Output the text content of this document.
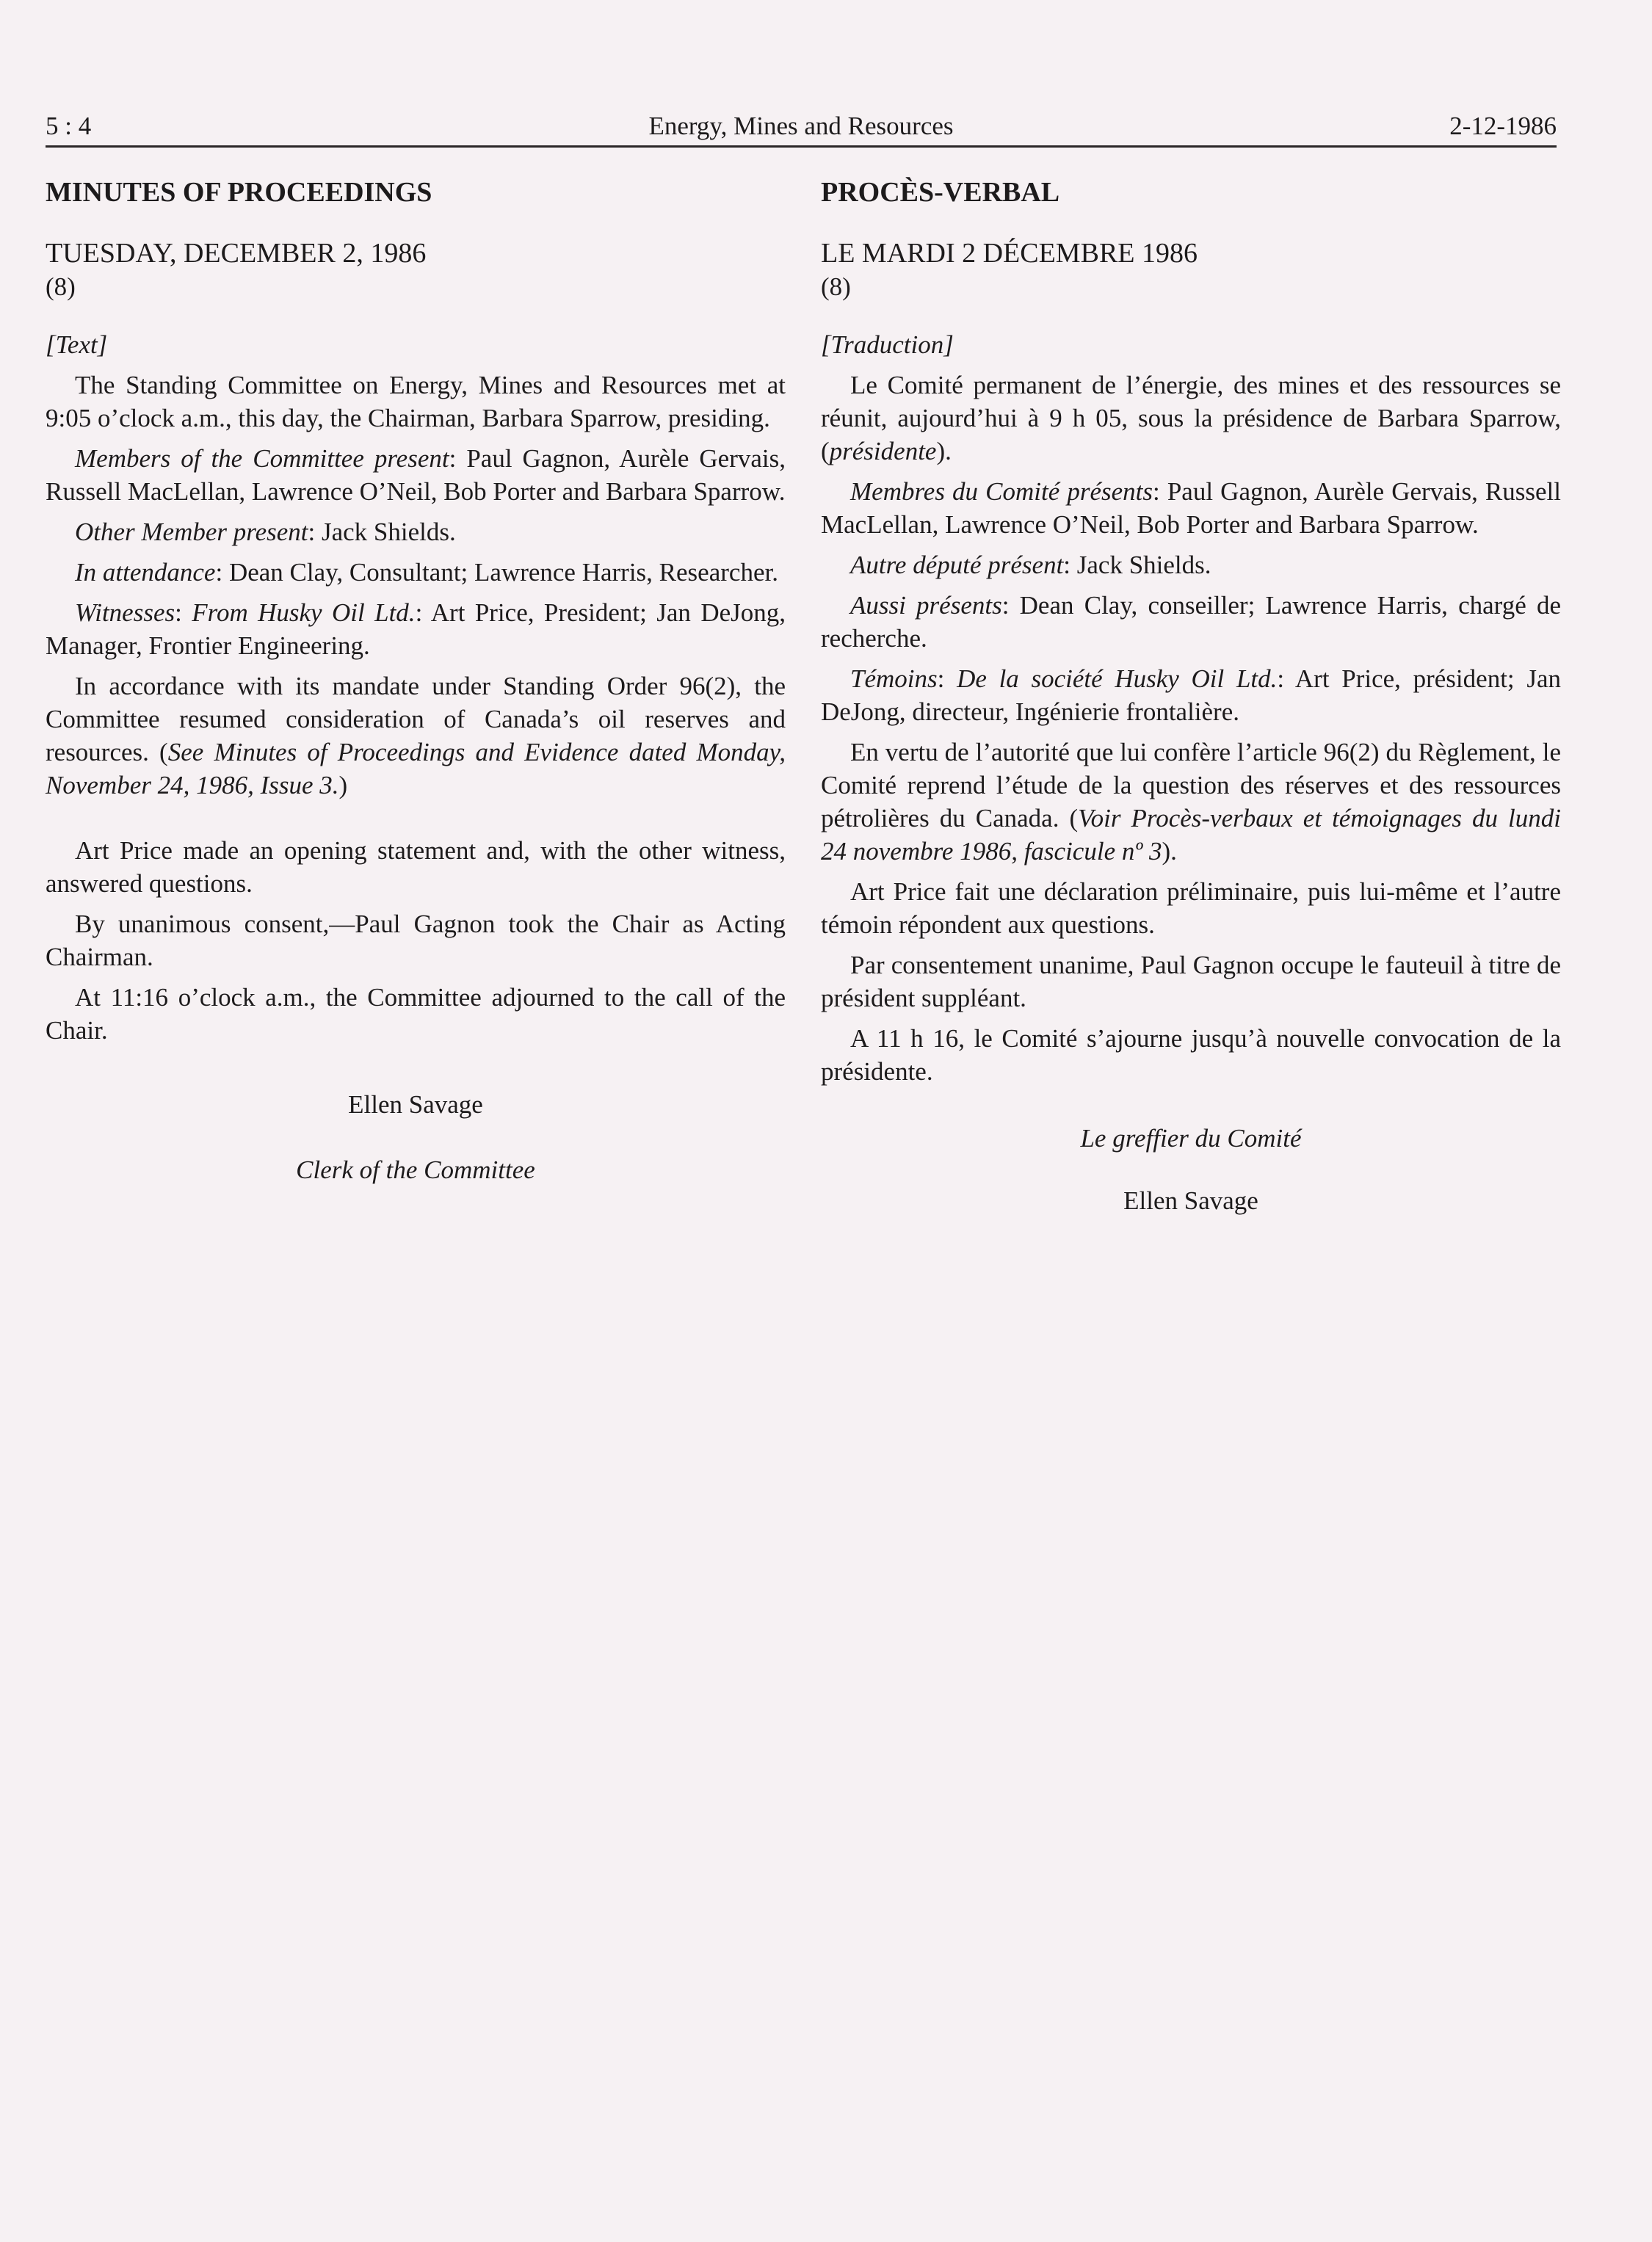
5 : 4	Energy, Mines and Resources	2-12-1986
MINUTES OF PROCEEDINGS
TUESDAY, DECEMBER 2, 1986
(8)
[Text]

The Standing Committee on Energy, Mines and Resources met at 9:05 o’clock a.m., this day, the Chairman, Barbara Sparrow, presiding.

Members of the Committee present: Paul Gagnon, Aurèle Gervais, Russell MacLellan, Lawrence O’Neil, Bob Porter and Barbara Sparrow.

Other Member present: Jack Shields.

In attendance: Dean Clay, Consultant; Lawrence Harris, Researcher.

Witnesses: From Husky Oil Ltd.: Art Price, President; Jan DeJong, Manager, Frontier Engineering.

In accordance with its mandate under Standing Order 96(2), the Committee resumed consideration of Canada’s oil reserves and resources. (See Minutes of Proceedings and Evidence dated Monday, November 24, 1986, Issue 3.)

Art Price made an opening statement and, with the other witness, answered questions.

By unanimous consent,—Paul Gagnon took the Chair as Acting Chairman.

At 11:16 o’clock a.m., the Committee adjourned to the call of the Chair.

Ellen Savage

Clerk of the Committee

PROCÈS-VERBAL
LE MARDI 2 DÉCEMBRE 1986
(8)
[Traduction]

Le Comité permanent de l’énergie, des mines et des ressources se réunit, aujourd’hui à 9 h 05, sous la présidence de Barbara Sparrow, (présidente).

Membres du Comité présents: Paul Gagnon, Aurèle Gervais, Russell MacLellan, Lawrence O’Neil, Bob Porter and Barbara Sparrow.

Autre député présent: Jack Shields.

Aussi présents: Dean Clay, conseiller; Lawrence Harris, chargé de recherche.

Témoins: De la société Husky Oil Ltd.: Art Price, président; Jan DeJong, directeur, Ingénierie frontalière.

En vertu de l’autorité que lui confère l’article 96(2) du Règlement, le Comité reprend l’étude de la question des réserves et des ressources pétrolières du Canada. (Voir Procès-verbaux et témoignages du lundi 24 novembre 1986, fascicule nº 3).

Art Price fait une déclaration préliminaire, puis lui-même et l’autre témoin répondent aux questions.

Par consentement unanime, Paul Gagnon occupe le fauteuil à titre de président suppléant.

A 11 h 16, le Comité s’ajourne jusqu’à nouvelle convocation de la présidente.

Le greffier du Comité

Ellen Savage
